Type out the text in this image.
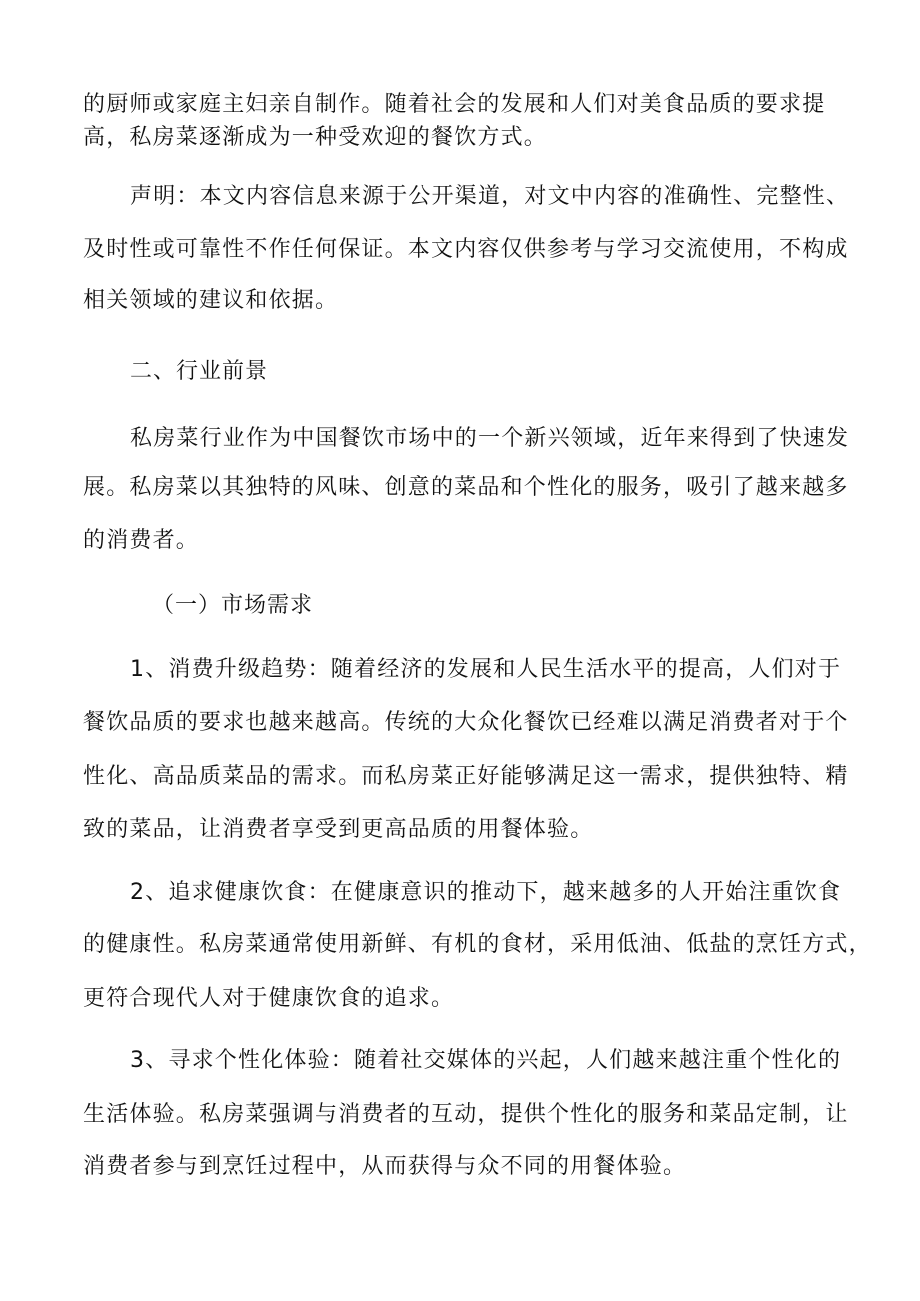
的厨师或家庭主妇亲自制作。随着社会的发展和人们对美食品质的要求提
高，私房菜逐渐成为一种受欢迎的餐饮方式。
声明：本文内容信息来源于公开渠道，对文中内容的准确性、完整性、
及时性或可靠性不作任何保证。本文内容仅供参考与学习交流使用，不构成
相关领域的建议和依据。
二、行业前景
私房菜行业作为中国餐饮市场中的一个新兴领域，近年来得到了快速发
展。私房菜以其独特的风味、创意的菜品和个性化的服务，吸引了越来越多
的消费者。
（一）市场需求
1、消费升级趋势：随着经济的发展和人民生活水平的提高，人们对于
餐饮品质的要求也越来越高。传统的大众化餐饮已经难以满足消费者对于个
性化、高品质菜品的需求。而私房菜正好能够满足这一需求，提供独特、精
致的菜品，让消费者享受到更高品质的用餐体验。
2、追求健康饮食：在健康意识的推动下，越来越多的人开始注重饮食
的健康性。私房菜通常使用新鲜、有机的食材，采用低油、低盐的烹饪方式，
更符合现代人对于健康饮食的追求。
3、寻求个性化体验：随着社交媒体的兴起，人们越来越注重个性化的
生活体验。私房菜强调与消费者的互动，提供个性化的服务和菜品定制，让
消费者参与到烹饪过程中，从而获得与众不同的用餐体验。
